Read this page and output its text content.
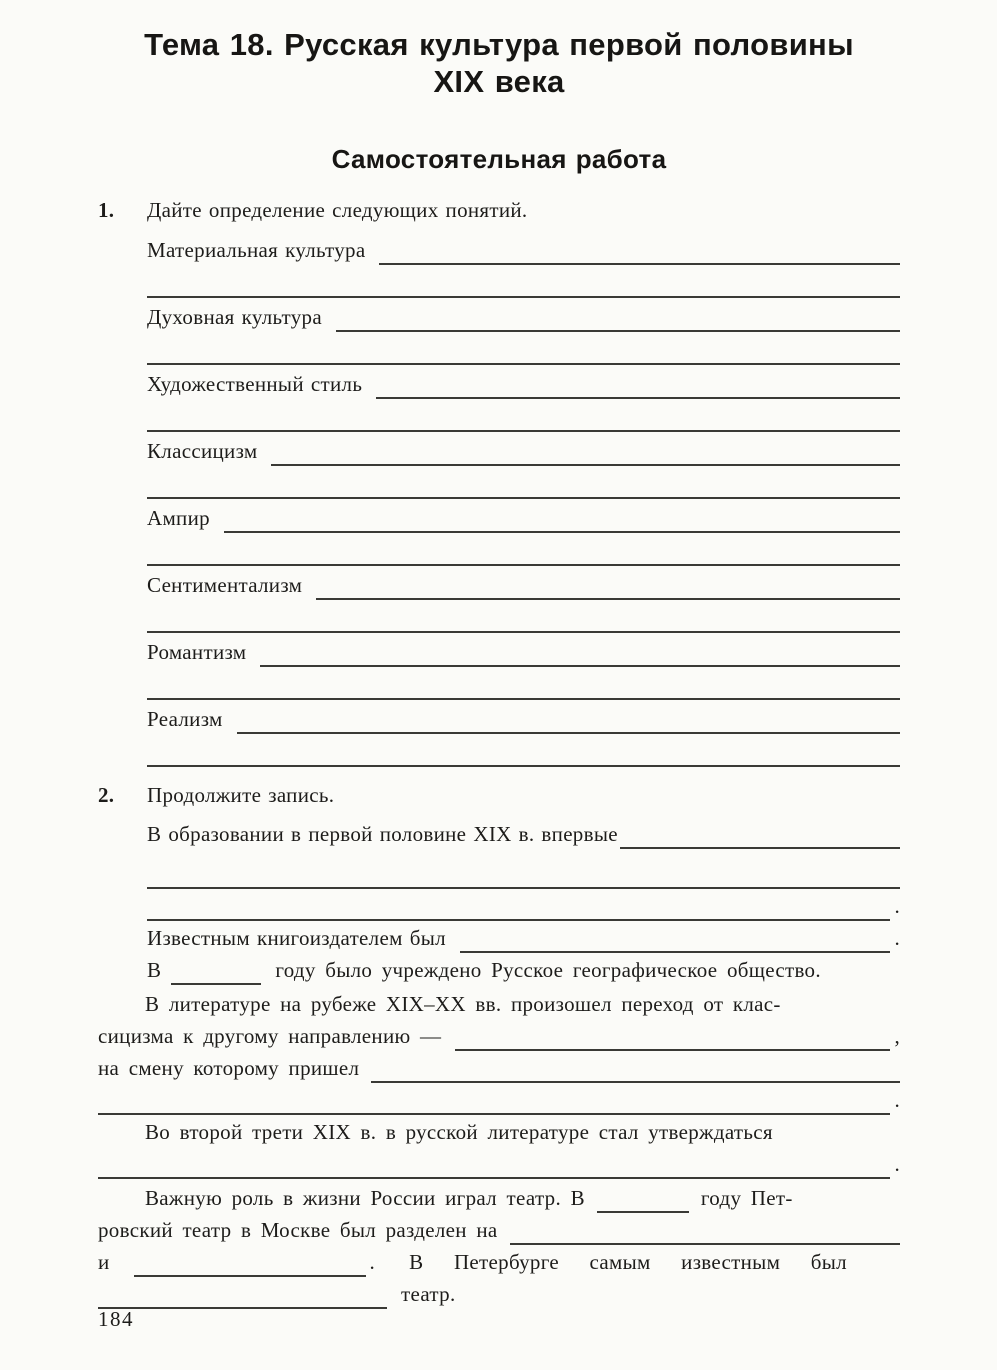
Тема 18. Русская культура первой половины
XIX века
Самостоятельная работа
1.	Дайте определение следующих понятий.
Материальная культура
Духовная культура
Художественный стиль
Классицизм
Ампир
Сентиментализм
Романтизм
Реализм
2.	Продолжите запись.
В образовании в первой половине XIX в. впервые
.
Известным книгоиздателем был	.
В	году было учреждено Русское географическое общество.
В литературе на рубеже XIX–XX вв. произошел переход от клас-
сицизма к другому направлению —	,
на смену которому пришел
.
Во второй трети XIX в. в русской литературе стал утверждаться
.
Важную роль в жизни России играл театр. В	году Пет-
ровский театр в Москве был разделен на
и	. В Петербурге самым известным был
театр.
184
